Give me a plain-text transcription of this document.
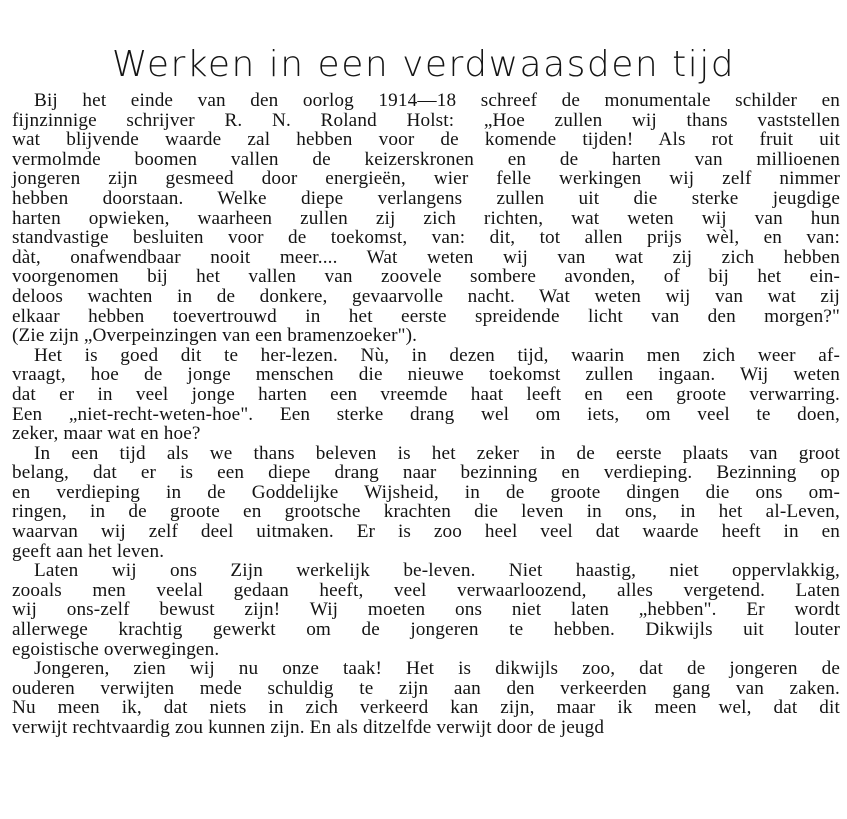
Werken in een verdwaasden tijd
Bij het einde van den oorlog 1914—18 schreef de monumentale schilder en
fijnzinnige schrijver R. N. Roland Holst: „Hoe zullen wij thans vaststellen
wat blijvende waarde zal hebben voor de komende tijden! Als rot fruit uit
vermolmde boomen vallen de keizerskronen en de harten van millioenen
jongeren zijn gesmeed door energieën, wier felle werkingen wij zelf nimmer
hebben doorstaan. Welke diepe verlangens zullen uit die sterke jeugdige
harten opwieken, waarheen zullen zij zich richten, wat weten wij van hun
standvastige besluiten voor de toekomst, van: dit, tot allen prijs wèl, en van:
dàt, onafwendbaar nooit meer.... Wat weten wij van wat zij zich hebben
voorgenomen bij het vallen van zoovele sombere avonden, of bij het ein-
deloos wachten in de donkere, gevaarvolle nacht. Wat weten wij van wat zij
elkaar hebben toevertrouwd in het eerste spreidende licht van den morgen?"
(Zie zijn „Overpeinzingen van een bramenzoeker").
Het is goed dit te her-lezen. Nù, in dezen tijd, waarin men zich weer af-
vraagt, hoe de jonge menschen die nieuwe toekomst zullen ingaan. Wij weten
dat er in veel jonge harten een vreemde haat leeft en een groote verwarring.
Een „niet-recht-weten-hoe". Een sterke drang wel om iets, om veel te doen,
zeker, maar wat en hoe?
In een tijd als we thans beleven is het zeker in de eerste plaats van groot
belang, dat er is een diepe drang naar bezinning en verdieping. Bezinning op
en verdieping in de Goddelijke Wijsheid, in de groote dingen die ons om-
ringen, in de groote en grootsche krachten die leven in ons, in het al-Leven,
waarvan wij zelf deel uitmaken. Er is zoo heel veel dat waarde heeft in en
geeft aan het leven.
Laten wij ons Zijn werkelijk be-leven. Niet haastig, niet oppervlakkig,
zooals men veelal gedaan heeft, veel verwaarloozend, alles vergetend. Laten
wij ons-zelf bewust zijn! Wij moeten ons niet laten „hebben". Er wordt
allerwege krachtig gewerkt om de jongeren te hebben. Dikwijls uit louter
egoistische overwegingen.
Jongeren, zien wij nu onze taak! Het is dikwijls zoo, dat de jongeren de
ouderen verwijten mede schuldig te zijn aan den verkeerden gang van zaken.
Nu meen ik, dat niets in zich verkeerd kan zijn, maar ik meen wel, dat dit
verwijt rechtvaardig zou kunnen zijn. En als ditzelfde verwijt door de jeugd
